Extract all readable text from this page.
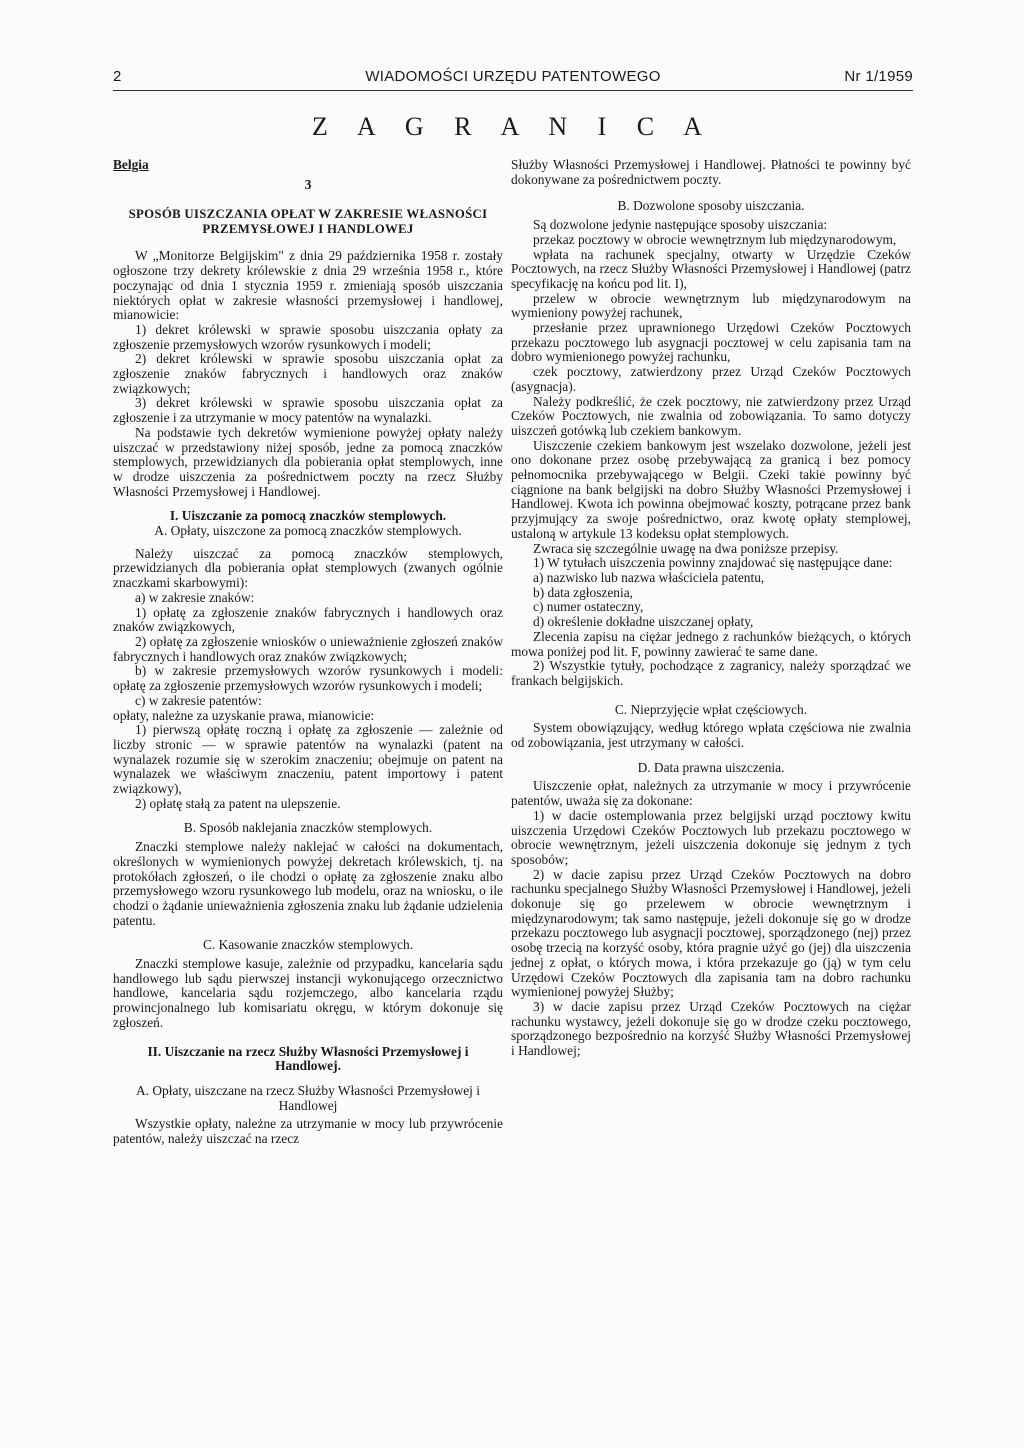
2	WIADOMOŚCI URZĘDU PATENTOWEGO	Nr 1/1959
Z A G R A N I C A
Belgia
3
SPOSÓB UISZCZANIA OPŁAT W ZAKRESIE WŁASNOŚCI PRZEMYSŁOWEJ I HANDLOWEJ

W „Monitorze Belgijskim" z dnia 29 października 1958 r. zostały ogłoszone trzy dekrety królewskie z dnia 29 września 1958 r., które poczynając od dnia 1 stycznia 1959 r. zmieniają sposób uiszczania niektórych opłat w zakresie własności przemysłowej i handlowej, mianowicie:

1) dekret królewski w sprawie sposobu uiszczania opłaty za zgłoszenie przemysłowych wzorów rysunkowych i modeli;

2) dekret królewski w sprawie sposobu uiszczania opłat za zgłoszenie znaków fabrycznych i handlowych oraz znaków związkowych;

3) dekret królewski w sprawie sposobu uiszczania opłat za zgłoszenie i za utrzymanie w mocy patentów na wynalazki.

Na podstawie tych dekretów wymienione powyżej opłaty należy uiszczać w przedstawiony niżej sposób, jedne za pomocą znaczków stemplowych, przewidzianych dla pobierania opłat stemplowych, inne w drodze uiszczenia za pośrednictwem poczty na rzecz Służby Własności Przemysłowej i Handlowej.

I. Uiszczanie za pomocą znaczków stemplowych.

A. Opłaty, uiszczone za pomocą znaczków stemplowych.

Należy uiszczać za pomocą znaczków stemplowych, przewidzianych dla pobierania opłat stemplowych (zwanych ogólnie znaczkami skarbowymi):

a) w zakresie znaków:

1) opłatę za zgłoszenie znaków fabrycznych i handlowych oraz znaków związkowych,

2) opłatę za zgłoszenie wniosków o unieważnienie zgłoszeń znaków fabrycznych i handlowych oraz znaków związkowych;

b) w zakresie przemysłowych wzorów rysunkowych i modeli: opłatę za zgłoszenie przemysłowych wzorów rysunkowych i modeli;

c) w zakresie patentów:

opłaty, należne za uzyskanie prawa, mianowicie:

1) pierwszą opłatę roczną i opłatę za zgłoszenie — zależnie od liczby stronic — w sprawie patentów na wynalazki (patent na wynalazek rozumie się w szerokim znaczeniu; obejmuje on patent na wynalazek we właściwym znaczeniu, patent importowy i patent związkowy),

2) opłatę stałą za patent na ulepszenie.

B. Sposób naklejania znaczków stemplowych.

Znaczki stemplowe należy naklejać w całości na dokumentach, określonych w wymienionych powyżej dekretach królewskich, tj. na protokółach zgłoszeń, o ile chodzi o opłatę za zgłoszenie znaku albo przemysłowego wzoru rysunkowego lub modelu, oraz na wniosku, o ile chodzi o żądanie unieważnienia zgłoszenia znaku lub żądanie udzielenia patentu.

C. Kasowanie znaczków stemplowych.

Znaczki stemplowe kasuje, zależnie od przypadku, kancelaria sądu handlowego lub sądu pierwszej instancji wykonującego orzecznictwo handlowe, kancelaria sądu rozjemczego, albo kancelaria rządu prowincjonalnego lub komisariatu okręgu, w którym dokonuje się zgłoszeń.

II. Uiszczanie na rzecz Służby Własności Przemysłowej i Handlowej.
A. Opłaty, uiszczane na rzecz Służby Własności Przemysłowej i Handlowej

Wszystkie opłaty, należne za utrzymanie w mocy lub przywrócenie patentów, należy uiszczać na rzecz

Służby Własności Przemysłowej i Handlowej. Płatności te powinny być dokonywane za pośrednictwem poczty.

B. Dozwolone sposoby uiszczania.

Są dozwolone jedynie następujące sposoby uiszczania:

przekaz pocztowy w obrocie wewnętrznym lub międzynarodowym,

wpłata na rachunek specjalny, otwarty w Urzędzie Czeków Pocztowych, na rzecz Służby Własności Przemysłowej i Handlowej (patrz specyfikację na końcu pod lit. I),

przelew w obrocie wewnętrznym lub międzynarodowym na wymieniony powyżej rachunek,

przesłanie przez uprawnionego Urzędowi Czeków Pocztowych przekazu pocztowego lub asygnacji pocztowej w celu zapisania tam na dobro wymienionego powyżej rachunku,

czek pocztowy, zatwierdzony przez Urząd Czeków Pocztowych (asygnacja).

Należy podkreślić, że czek pocztowy, nie zatwierdzony przez Urząd Czeków Pocztowych, nie zwalnia od zobowiązania. To samo dotyczy uiszczeń gotówką lub czekiem bankowym.

Uiszczenie czekiem bankowym jest wszelako dozwolone, jeżeli jest ono dokonane przez osobę przebywającą za granicą i bez pomocy pełnomocnika przebywającego w Belgii. Czeki takie powinny być ciągnione na bank belgijski na dobro Służby Własności Przemysłowej i Handlowej. Kwota ich powinna obejmować koszty, potrącane przez bank przyjmujący za swoje pośrednictwo, oraz kwotę opłaty stemplowej, ustaloną w artykule 13 kodeksu opłat stemplowych.

Zwraca się szczególnie uwagę na dwa poniższe przepisy.

1) W tytułach uiszczenia powinny znajdować się następujące dane:

a) nazwisko lub nazwa właściciela patentu,

b) data zgłoszenia,

c) numer ostateczny,

d) określenie dokładne uiszczanej opłaty,

Zlecenia zapisu na ciężar jednego z rachunków bieżących, o których mowa poniżej pod lit. F, powinny zawierać te same dane.

2) Wszystkie tytuły, pochodzące z zagranicy, należy sporządzać we frankach belgijskich.

C. Nieprzyjęcie wpłat częściowych.

System obowiązujący, według którego wpłata częściowa nie zwalnia od zobowiązania, jest utrzymany w całości.

D. Data prawna uiszczenia.

Uiszczenie opłat, należnych za utrzymanie w mocy i przywrócenie patentów, uważa się za dokonane:

1) w dacie ostemplowania przez belgijski urząd pocztowy kwitu uiszczenia Urzędowi Czeków Pocztowych lub przekazu pocztowego w obrocie wewnętrznym, jeżeli uiszczenia dokonuje się jednym z tych sposobów;

2) w dacie zapisu przez Urząd Czeków Pocztowych na dobro rachunku specjalnego Służby Własności Przemysłowej i Handlowej, jeżeli dokonuje się go przelewem w obrocie wewnętrznym i międzynarodowym; tak samo następuje, jeżeli dokonuje się go w drodze przekazu pocztowego lub asygnacji pocztowej, sporządzonego (nej) przez osobę trzecią na korzyść osoby, która pragnie użyć go (jej) dla uiszczenia jednej z opłat, o których mowa, i która przekazuje go (ją) w tym celu Urzędowi Czeków Pocztowych dla zapisania tam na dobro rachunku wymienionej powyżej Służby;

3) w dacie zapisu przez Urząd Czeków Pocztowych na ciężar rachunku wystawcy, jeżeli dokonuje się go w drodze czeku pocztowego, sporządzonego bezpośrednio na korzyść Służby Własności Przemysłowej i Handlowej;
